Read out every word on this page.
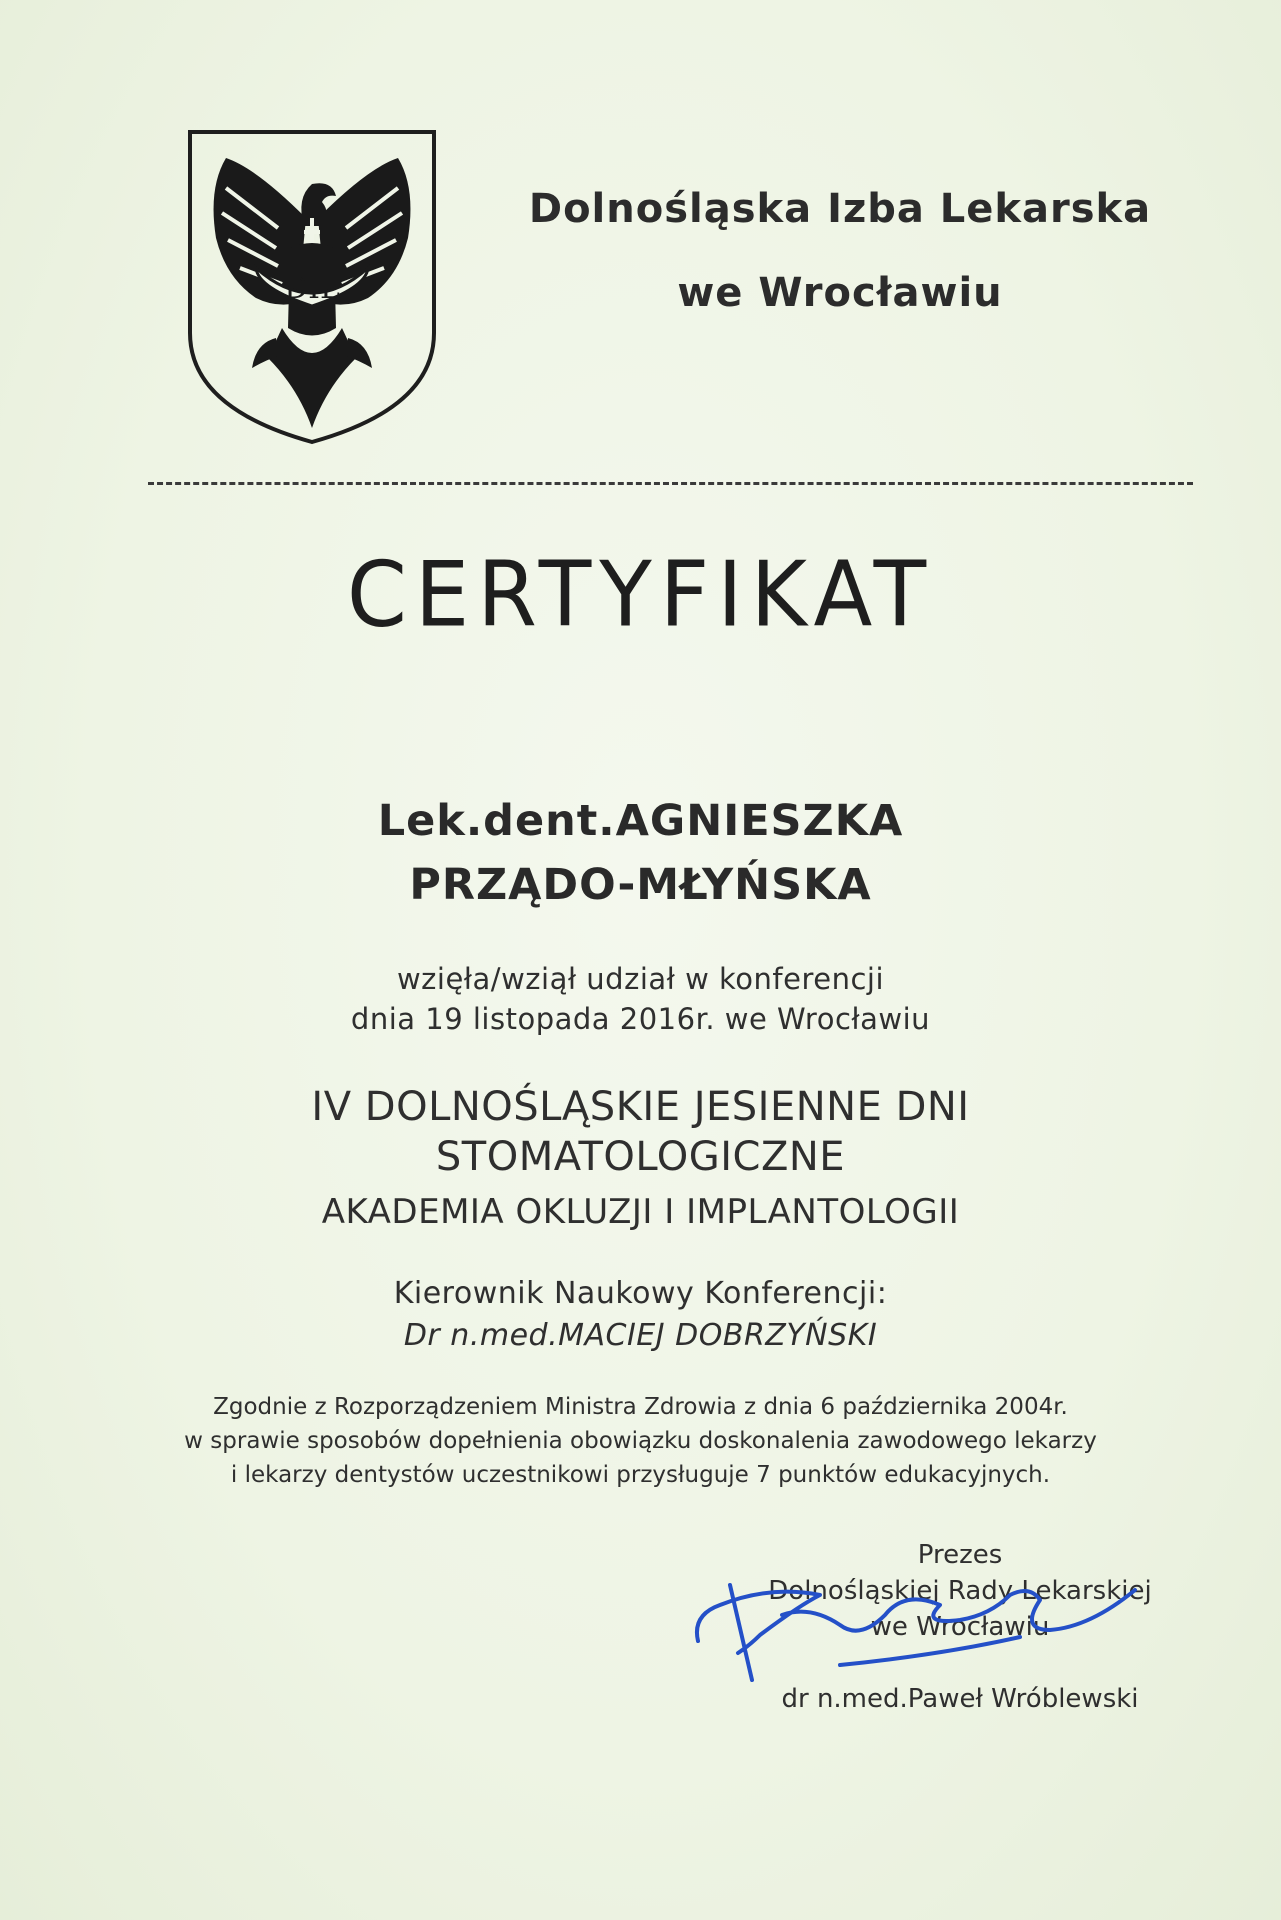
DIL
Dolnośląska Izba Lekarska
we Wrocławiu
CERTYFIKAT
Lek.dent.AGNIESZKA
PRZĄDO-MŁYŃSKA
wzięła/wziął udział w konferencji
dnia 19 listopada 2016r. we Wrocławiu
IV DOLNOŚLĄSKIE JESIENNE DNI
STOMATOLOGICZNE
AKADEMIA OKLUZJI I IMPLANTOLOGII
Kierownik Naukowy Konferencji:
Dr n.med.MACIEJ DOBRZYŃSKI
Zgodnie z Rozporządzeniem Ministra Zdrowia z dnia 6 października 2004r.
w sprawie sposobów dopełnienia obowiązku doskonalenia zawodowego lekarzy
i lekarzy dentystów uczestnikowi przysługuje 7 punktów edukacyjnych.
Prezes
Dolnośląskiej Rady Lekarskiej
we Wrocławiu
dr n.med.Paweł Wróblewski
